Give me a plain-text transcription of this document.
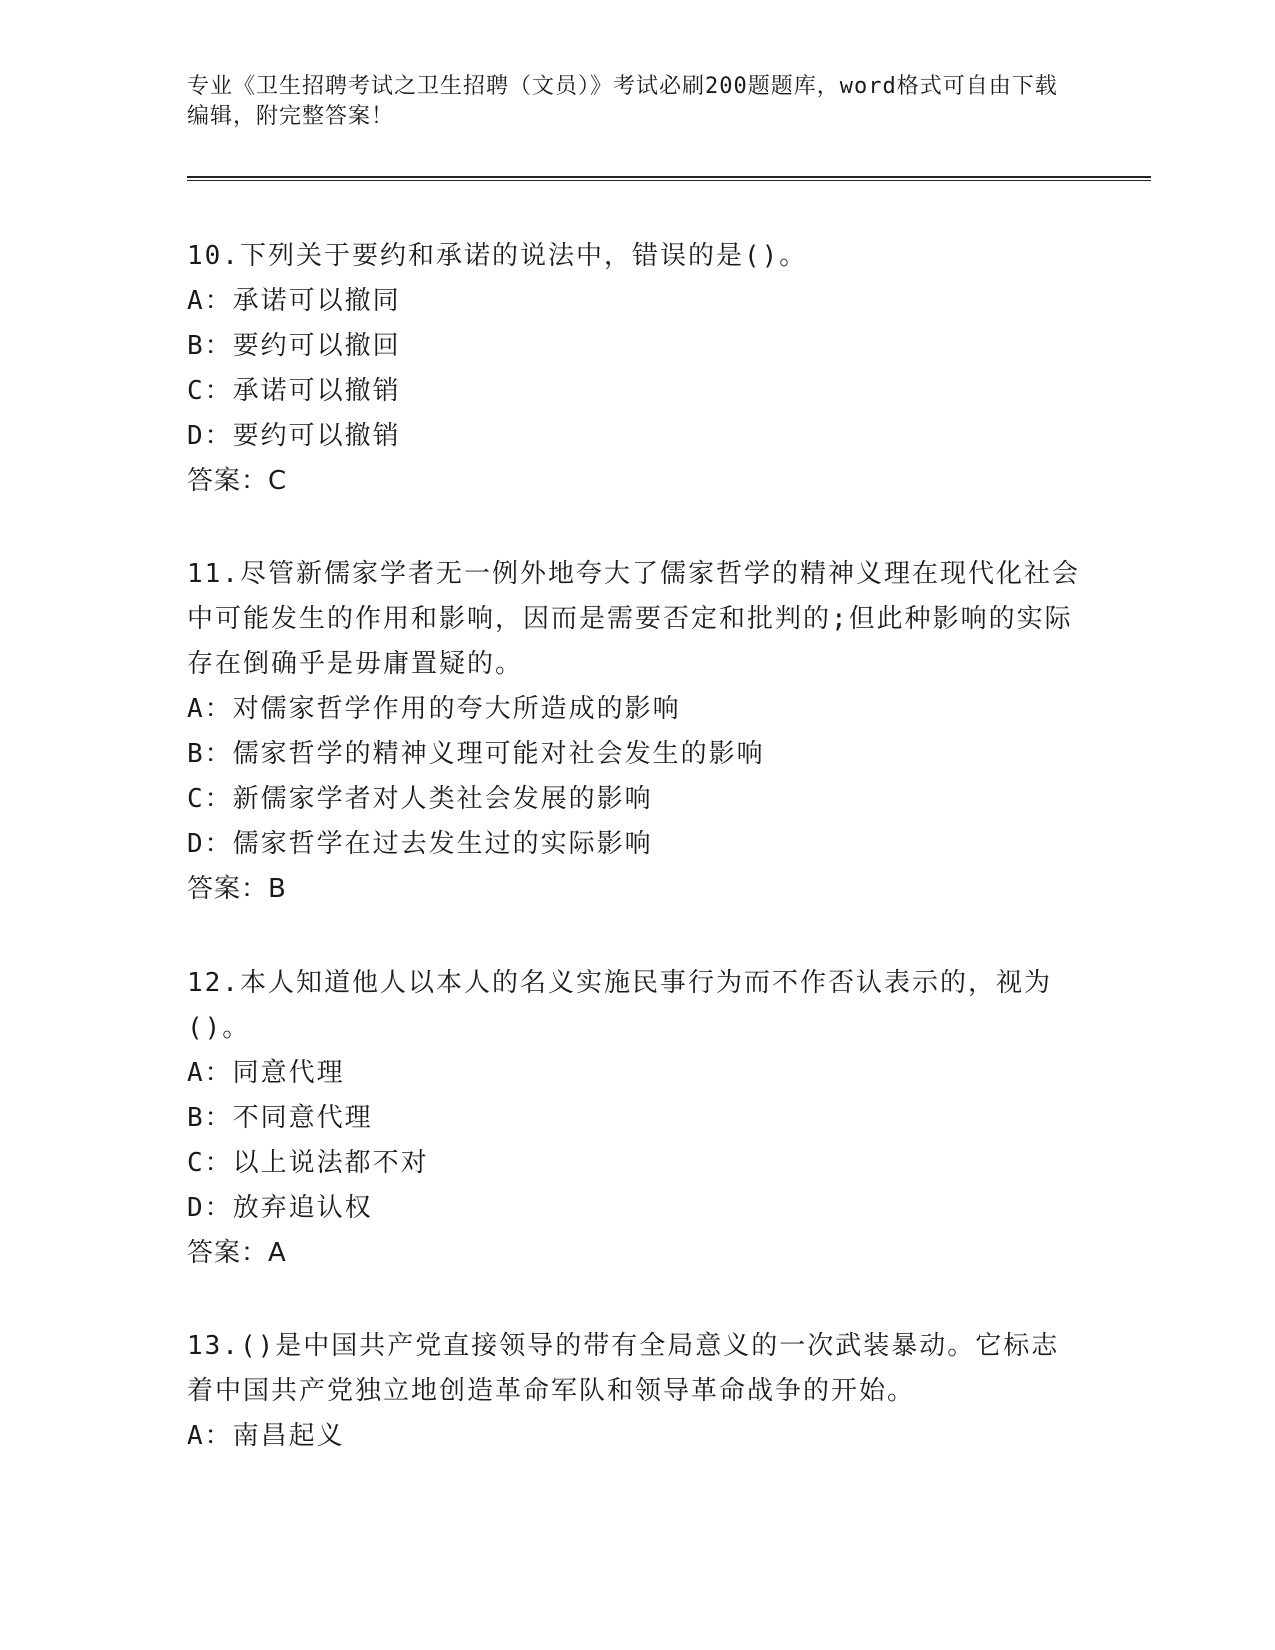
专业《卫生招聘考试之卫生招聘（文员）》考试必刷200题题库，word格式可自由下载编辑，附完整答案！
10.下列关于要约和承诺的说法中，错误的是()。
A：承诺可以撤同
B：要约可以撤回
C：承诺可以撤销
D：要约可以撤销
答案：C
11.尽管新儒家学者无一例外地夸大了儒家哲学的精神义理在现代化社会中可能发生的作用和影响，因而是需要否定和批判的;但此种影响的实际存在倒确乎是毋庸置疑的。
A：对儒家哲学作用的夸大所造成的影响
B：儒家哲学的精神义理可能对社会发生的影响
C：新儒家学者对人类社会发展的影响
D：儒家哲学在过去发生过的实际影响
答案：B
12.本人知道他人以本人的名义实施民事行为而不作否认表示的，视为()。
A：同意代理
B：不同意代理
C：以上说法都不对
D：放弃追认权
答案：A
13.()是中国共产党直接领导的带有全局意义的一次武装暴动。它标志着中国共产党独立地创造革命军队和领导革命战争的开始。
A：南昌起义
